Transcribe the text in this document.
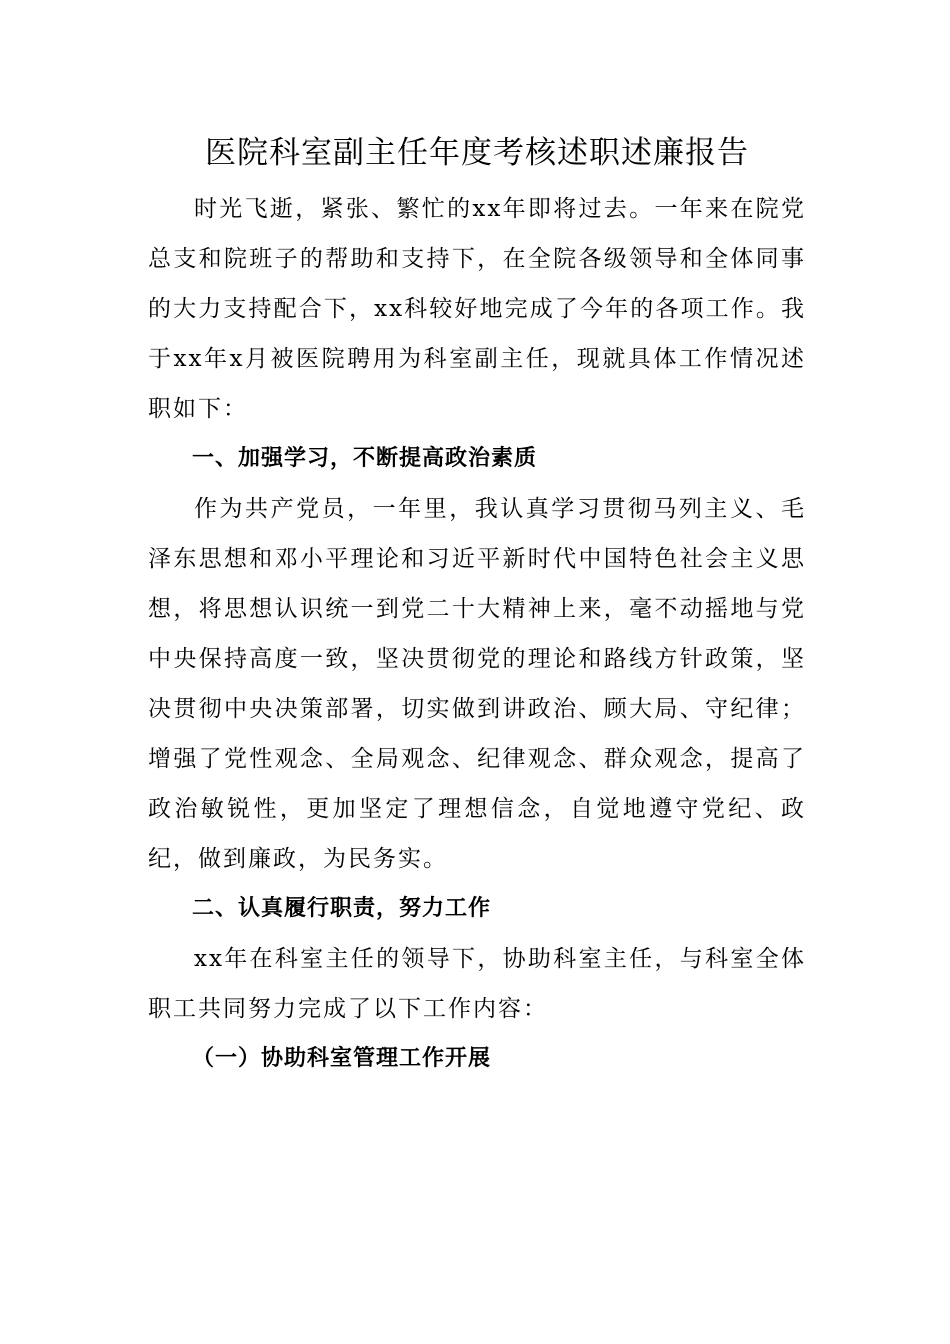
医院科室副主任年度考核述职述廉报告

时光飞逝，紧张、繁忙的xx年即将过去。一年来在院党总支和院班子的帮助和支持下，在全院各级领导和全体同事的大力支持配合下，xx科较好地完成了今年的各项工作。我于xx年x月被医院聘用为科室副主任，现就具体工作情况述职如下：

一、加强学习，不断提高政治素质

作为共产党员，一年里，我认真学习贯彻马列主义、毛泽东思想和邓小平理论和习近平新时代中国特色社会主义思想，将思想认识统一到党二十大精神上来，毫不动摇地与党中央保持高度一致，坚决贯彻党的理论和路线方针政策，坚决贯彻中央决策部署，切实做到讲政治、顾大局、守纪律；增强了党性观念、全局观念、纪律观念、群众观念，提高了政治敏锐性，更加坚定了理想信念，自觉地遵守党纪、政纪，做到廉政，为民务实。

二、认真履行职责，努力工作

xx年在科室主任的领导下，协助科室主任，与科室全体职工共同努力完成了以下工作内容：

（一）协助科室管理工作开展
